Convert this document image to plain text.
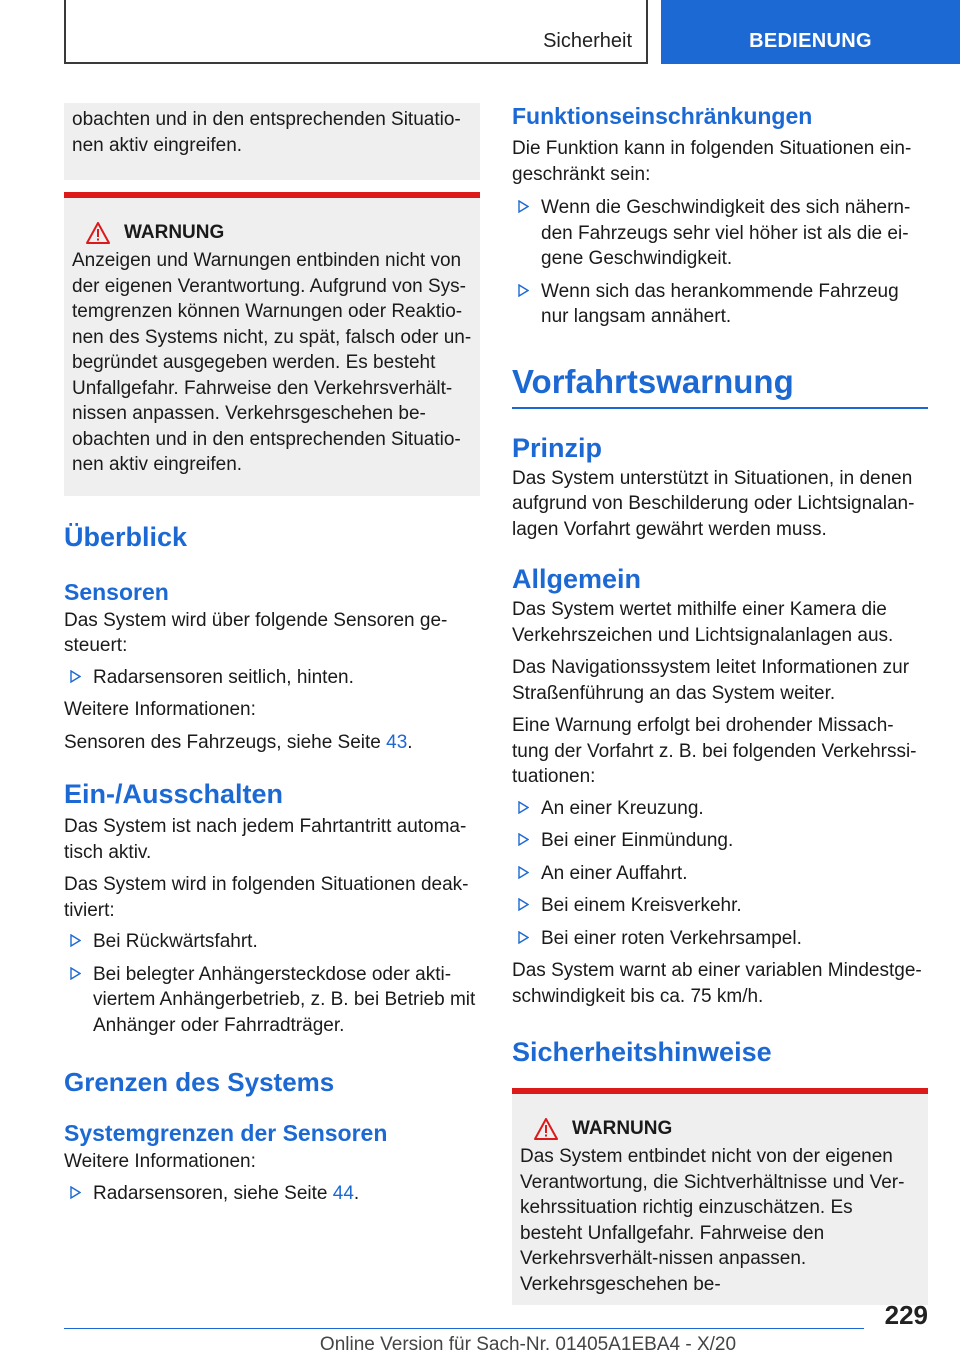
Sicherheit	BEDIENUNG

obachten und in den entsprechenden Situatio-
nen aktiv eingreifen.

WARNUNG

Anzeigen und Warnungen entbinden nicht von der eigenen Verantwortung. Aufgrund von Sys-temgrenzen können Warnungen oder Reaktio-nen des Systems nicht, zu spät, falsch oder un-begründet ausgegeben werden. Es besteht Unfallgefahr. Fahrweise den Verkehrsverhält-nissen anpassen. Verkehrsgeschehen be-obachten und in den entsprechenden Situatio-nen aktiv eingreifen.

Überblick
Sensoren

Das System wird über folgende Sensoren ge-steuert:

Radarsensoren seitlich, hinten.

Weitere Informationen:

Sensoren des Fahrzeugs, siehe Seite 43.

Ein-/Ausschalten

Das System ist nach jedem Fahrtantritt automa-tisch aktiv.

Das System wird in folgenden Situationen deak-tiviert:

Bei Rückwärtsfahrt.
Bei belegter Anhängersteckdose oder akti-viertem Anhängerbetrieb, z. B. bei Betrieb mit Anhänger oder Fahrradträger.
Grenzen des Systems
Systemgrenzen der Sensoren

Weitere Informationen:

Radarsensoren, siehe Seite 44.
Funktionseinschränkungen

Die Funktion kann in folgenden Situationen ein-geschränkt sein:

Wenn die Geschwindigkeit des sich nähern-den Fahrzeugs sehr viel höher ist als die ei-gene Geschwindigkeit.
Wenn sich das herankommende Fahrzeug nur langsam annähert.
Vorfahrtswarnung
Prinzip

Das System unterstützt in Situationen, in denen aufgrund von Beschilderung oder Lichtsignalan-lagen Vorfahrt gewährt werden muss.

Allgemein

Das System wertet mithilfe einer Kamera die Verkehrszeichen und Lichtsignalanlagen aus.

Das Navigationssystem leitet Informationen zur Straßenführung an das System weiter.

Eine Warnung erfolgt bei drohender Missach-tung der Vorfahrt z. B. bei folgenden Verkehrssi-tuationen:

An einer Kreuzung.
Bei einer Einmündung.
An einer Auffahrt.
Bei einem Kreisverkehr.
Bei einer roten Verkehrsampel.

Das System warnt ab einer variablen Mindestge-schwindigkeit bis ca. 75 km/h.

Sicherheitshinweise
WARNUNG

Das System entbindet nicht von der eigenen Verantwortung, die Sichtverhältnisse und Ver-kehrssituation richtig einzuschätzen. Es besteht Unfallgefahr. Fahrweise den Verkehrsverhält-nissen anpassen. Verkehrsgeschehen be-

229
Online Version für Sach-Nr. 01405A1EBA4 - X/20
